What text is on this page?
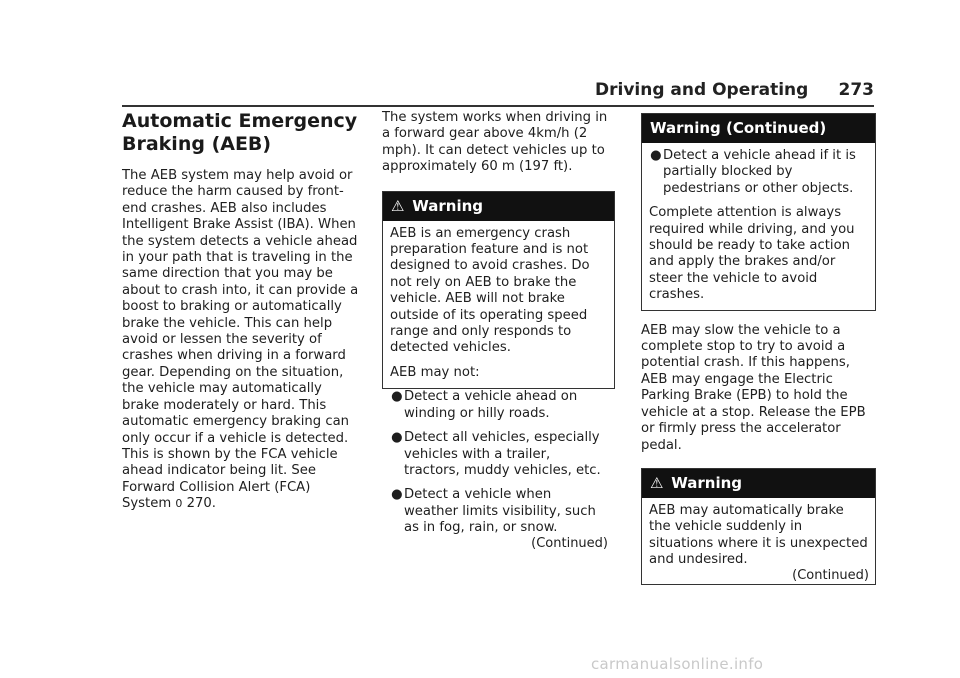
Driving and Operating 273
Automatic Emergency Braking (AEB)

The AEB system may help avoid or reduce the harm caused by front-end crashes. AEB also includes Intelligent Brake Assist (IBA). When the system detects a vehicle ahead in your path that is traveling in the same direction that you may be about to crash into, it can provide a boost to braking or automatically brake the vehicle. This can help avoid or lessen the severity of crashes when driving in a forward gear. Depending on the situation, the vehicle may automatically brake moderately or hard. This automatic emergency braking can only occur if a vehicle is detected. This is shown by the FCA vehicle ahead indicator being lit. See Forward Collision Alert (FCA) System 0 270.

The system works when driving in a forward gear above 4km/h (2 mph). It can detect vehicles up to approximately 60 m (197 ft).

⚠ Warning

AEB is an emergency crash preparation feature and is not designed to avoid crashes. Do not rely on AEB to brake the vehicle. AEB will not brake outside of its operating speed range and only responds to detected vehicles.

AEB may not:

● Detect a vehicle ahead on winding or hilly roads.
● Detect all vehicles, especially vehicles with a trailer, tractors, muddy vehicles, etc.
● Detect a vehicle when weather limits visibility, such as in fog, rain, or snow.
(Continued)
Warning (Continued)
● Detect a vehicle ahead if it is partially blocked by pedestrians or other objects.

Complete attention is always required while driving, and you should be ready to take action and apply the brakes and/or steer the vehicle to avoid crashes.

AEB may slow the vehicle to a complete stop to try to avoid a potential crash. If this happens, AEB may engage the Electric Parking Brake (EPB) to hold the vehicle at a stop. Release the EPB or firmly press the accelerator pedal.

⚠ Warning

AEB may automatically brake the vehicle suddenly in situations where it is unexpected and undesired.

(Continued)
carmanualsonline.info
